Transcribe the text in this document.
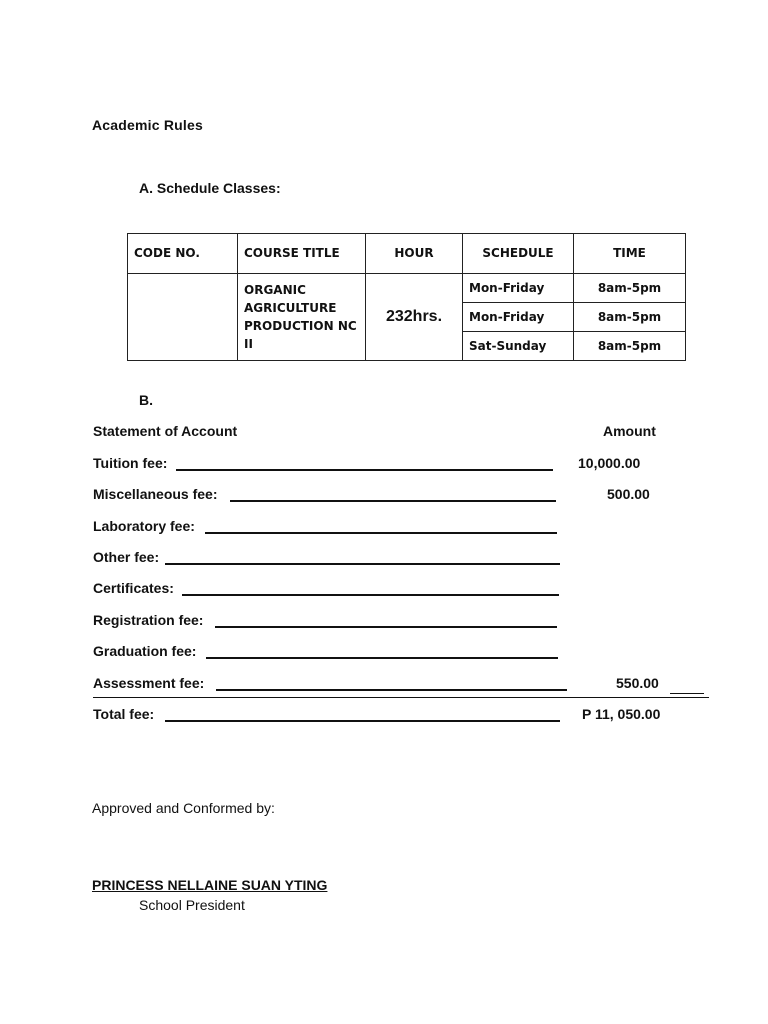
Academic Rules
A. Schedule Classes:
CODE NO.	COURSE TITLE	HOUR	SCHEDULE	TIME
	ORGANIC AGRICULTURE PRODUCTION NC II	232hrs.	Mon-Friday	8am-5pm
			Mon-Friday	8am-5pm
			Sat-Sunday	8am-5pm
B.
Statement of Account	Amount
Tuition fee:	10,000.00
Miscellaneous fee:	500.00
Laboratory fee:
Other fee:
Certificates:
Registration fee:
Graduation fee:
Assessment fee:	550.00
Total fee:	P 11, 050.00
Approved and Conformed by:
PRINCESS NELLAINE SUAN YTING
School President
